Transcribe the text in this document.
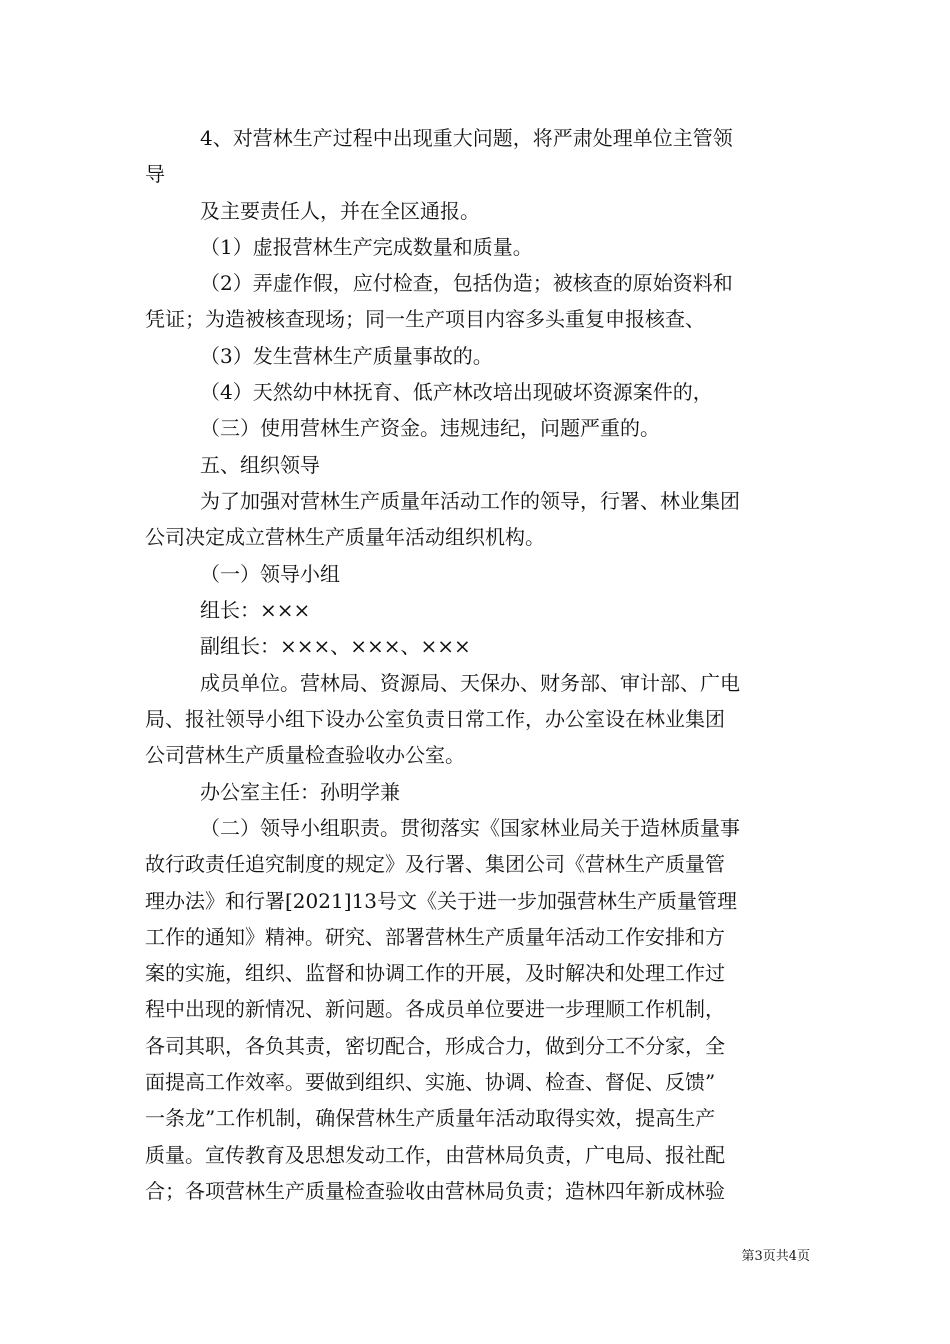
4、对营林生产过程中出现重大问题，将严肃处理单位主管领
导
及主要责任人，并在全区通报。
（1）虚报营林生产完成数量和质量。
（2）弄虚作假，应付检查，包括伪造；被核查的原始资料和
凭证；为造被核查现场；同一生产项目内容多头重复申报核查、
（3）发生营林生产质量事故的。
（4）天然幼中林抚育、低产林改培出现破坏资源案件的，
（三）使用营林生产资金。违规违纪，问题严重的。
五、组织领导
为了加强对营林生产质量年活动工作的领导，行署、林业集团
公司决定成立营林生产质量年活动组织机构。
（一）领导小组
组长：×××
副组长：×××、×××、×××
成员单位。营林局、资源局、天保办、财务部、审计部、广电
局、报社领导小组下设办公室负责日常工作，办公室设在林业集团
公司营林生产质量检查验收办公室。
办公室主任：孙明学兼
（二）领导小组职责。贯彻落实《国家林业局关于造林质量事
故行政责任追究制度的规定》及行署、集团公司《营林生产质量管
理办法》和行署[2021]13号文《关于进一步加强营林生产质量管理
工作的通知》精神。研究、部署营林生产质量年活动工作安排和方
案的实施，组织、监督和协调工作的开展，及时解决和处理工作过
程中出现的新情况、新问题。各成员单位要进一步理顺工作机制，
各司其职，各负其责，密切配合，形成合力，做到分工不分家，全
面提高工作效率。要做到组织、实施、协调、检查、督促、反馈”
一条龙”工作机制，确保营林生产质量年活动取得实效，提高生产
质量。宣传教育及思想发动工作，由营林局负责，广电局、报社配
合；各项营林生产质量检查验收由营林局负责；造林四年新成林验
第3页共4页
